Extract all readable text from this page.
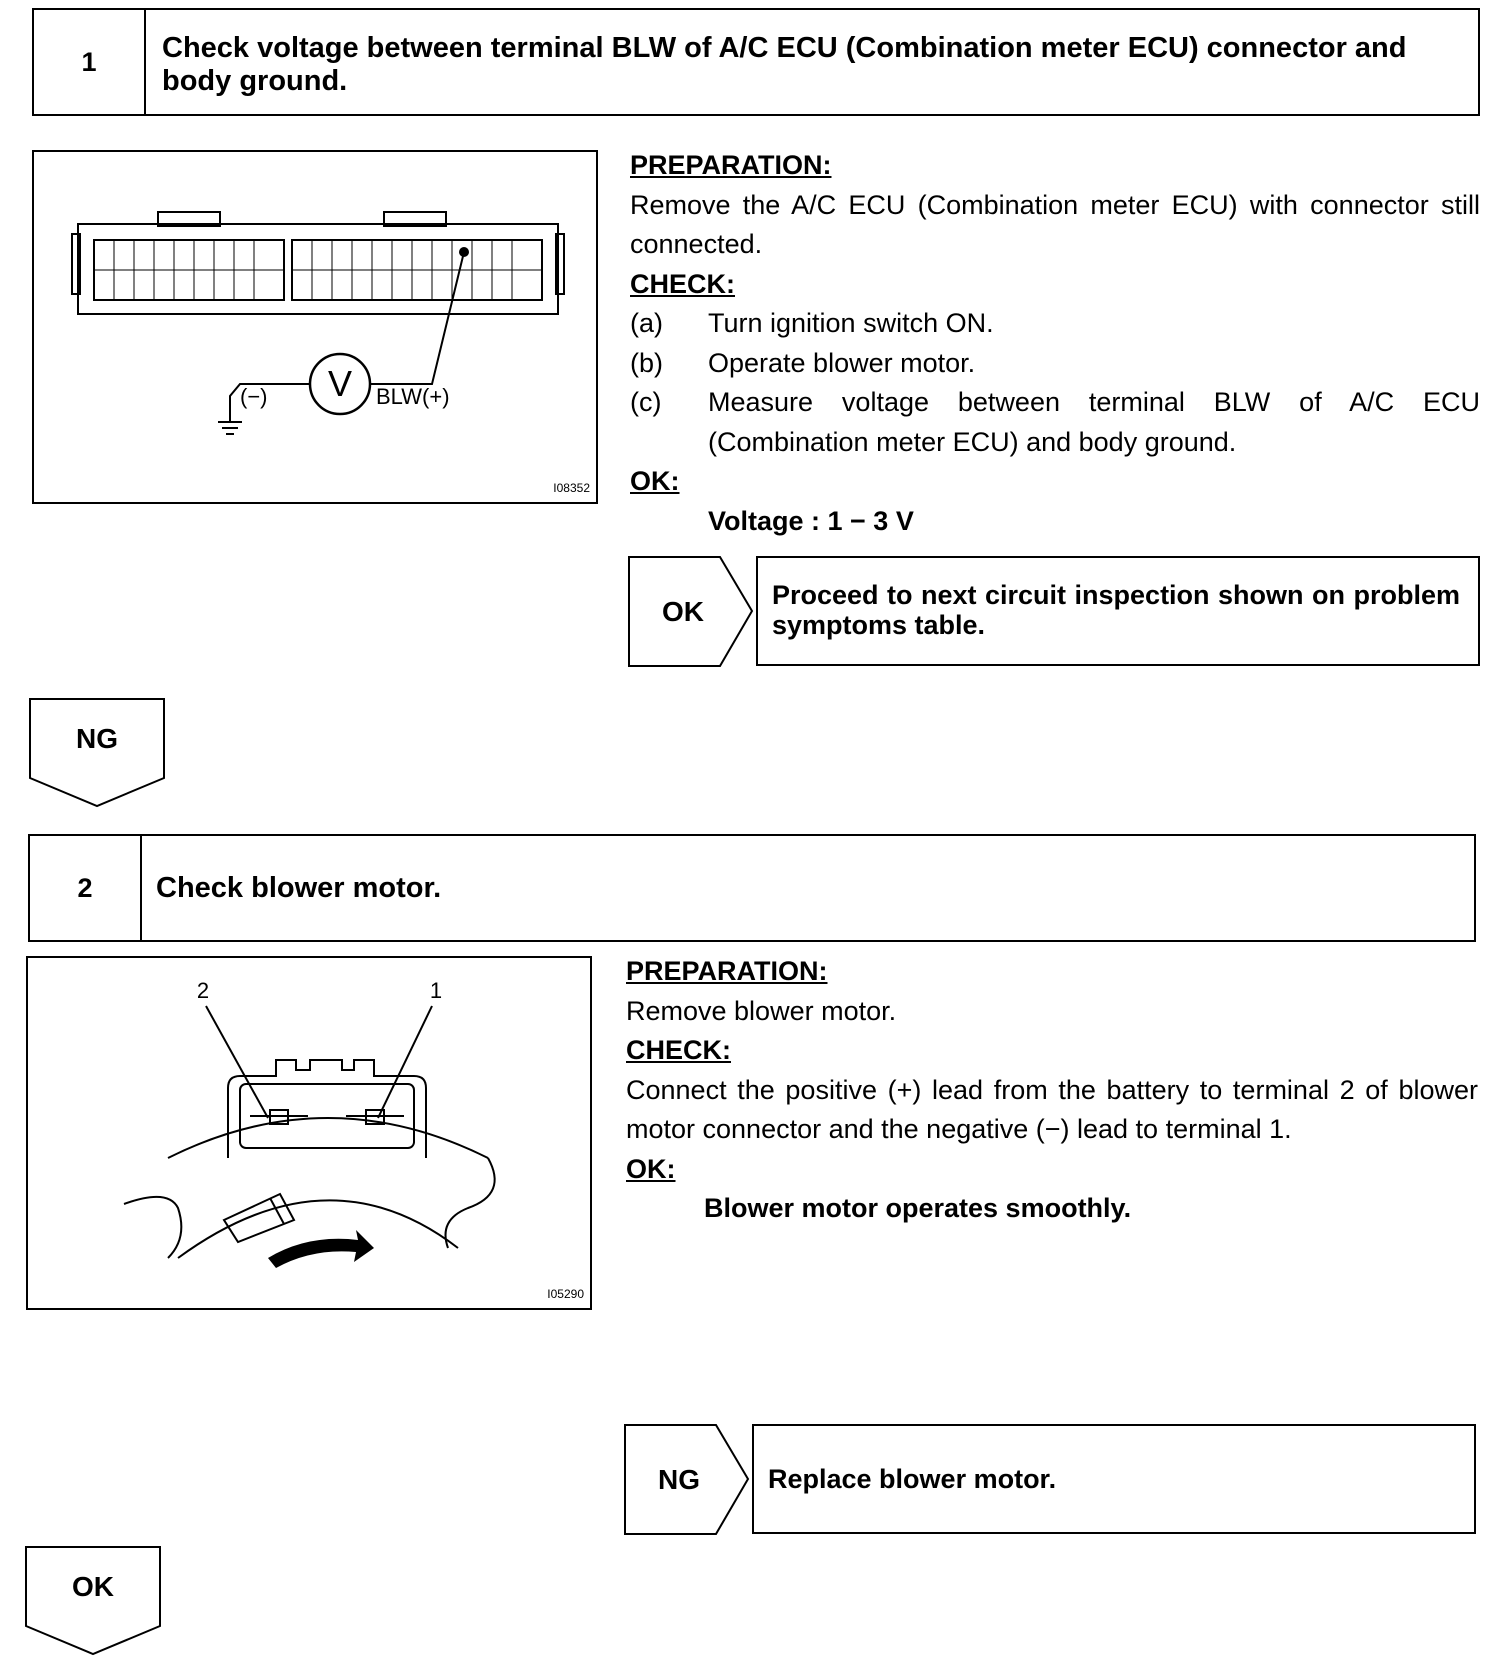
1	Check voltage between terminal BLW of A/C ECU (Combination meter ECU) connector and body ground.
V
(−)	BLW(+)
I08352
PREPARATION:
Remove the A/C ECU (Combination meter ECU) with connector still connected.
CHECK:
(a)	Turn ignition switch ON.
(b)	Operate blower motor.
(c)	Measure voltage between terminal BLW of A/C ECU (Combination meter ECU) and body ground.
OK:
Voltage : 1 − 3 V
OK
Proceed to next circuit inspection shown on problem symptoms table.
NG
2	Check blower motor.
2	1
I05290
PREPARATION:
Remove blower motor.
CHECK:
Connect the positive (+) lead from the battery to terminal 2 of blower motor connector and the negative (−) lead to terminal 1.
OK:
Blower motor operates smoothly.
NG	Replace blower motor.
OK
